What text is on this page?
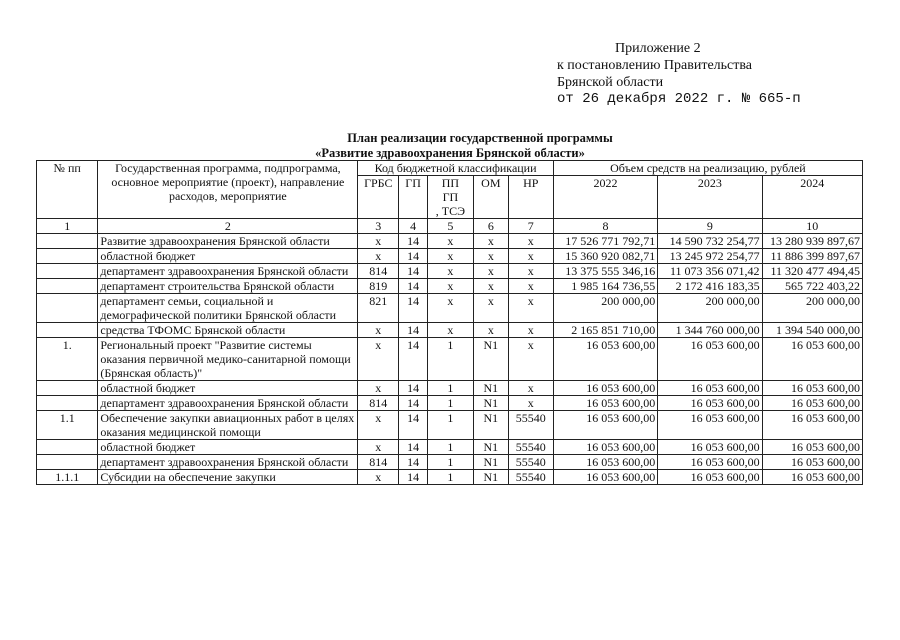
Приложение 2
к постановлению Правительства
Брянской области
от 26 декабря 2022 г. № 665-п
План реализации государственной программы
«Развитие здравоохранения Брянской области»
№ пп	Государственная программа, подпрограмма, основное мероприятие (проект), направление расходов, мероприятие	Код бюджетной классификации					Объем средств на реализацию, рублей		
		ГРБС	ГП	ПП
ГП
, ТСЭ	ОМ	НР	2022	2023	2024
1	2	3	4	5	6	7	8	9	10
	Развитие здравоохранения Брянской области	х	14	х	х	х	17 526 771 792,71	14 590 732 254,77	13 280 939 897,67
	областной бюджет	х	14	х	х	х	15 360 920 082,71	13 245 972 254,77	11 886 399 897,67
	департамент здравоохранения Брянской области	814	14	х	х	х	13 375 555 346,16	11 073 356 071,42	11 320 477 494,45
	департамент строительства Брянской области	819	14	х	х	х	1 985 164 736,55	2 172 416 183,35	565 722 403,22
	департамент семьи, социальной и демографической политики Брянской области	821	14	х	х	х	200 000,00	200 000,00	200 000,00
	средства ТФОМС Брянской области	х	14	х	х	х	2 165 851 710,00	1 344 760 000,00	1 394 540 000,00
1.	Региональный проект "Развитие системы оказания первичной медико-санитарной помощи (Брянская область)"	х	14	1	N1	х	16 053 600,00	16 053 600,00	16 053 600,00
	областной бюджет	х	14	1	N1	х	16 053 600,00	16 053 600,00	16 053 600,00
	департамент здравоохранения Брянской области	814	14	1	N1	х	16 053 600,00	16 053 600,00	16 053 600,00
1.1	Обеспечение закупки авиационных работ в целях оказания медицинской помощи	х	14	1	N1	55540	16 053 600,00	16 053 600,00	16 053 600,00
	областной бюджет	х	14	1	N1	55540	16 053 600,00	16 053 600,00	16 053 600,00
	департамент здравоохранения Брянской области	814	14	1	N1	55540	16 053 600,00	16 053 600,00	16 053 600,00
1.1.1	Субсидии на обеспечение закупки	х	14	1	N1	55540	16 053 600,00	16 053 600,00	16 053 600,00
